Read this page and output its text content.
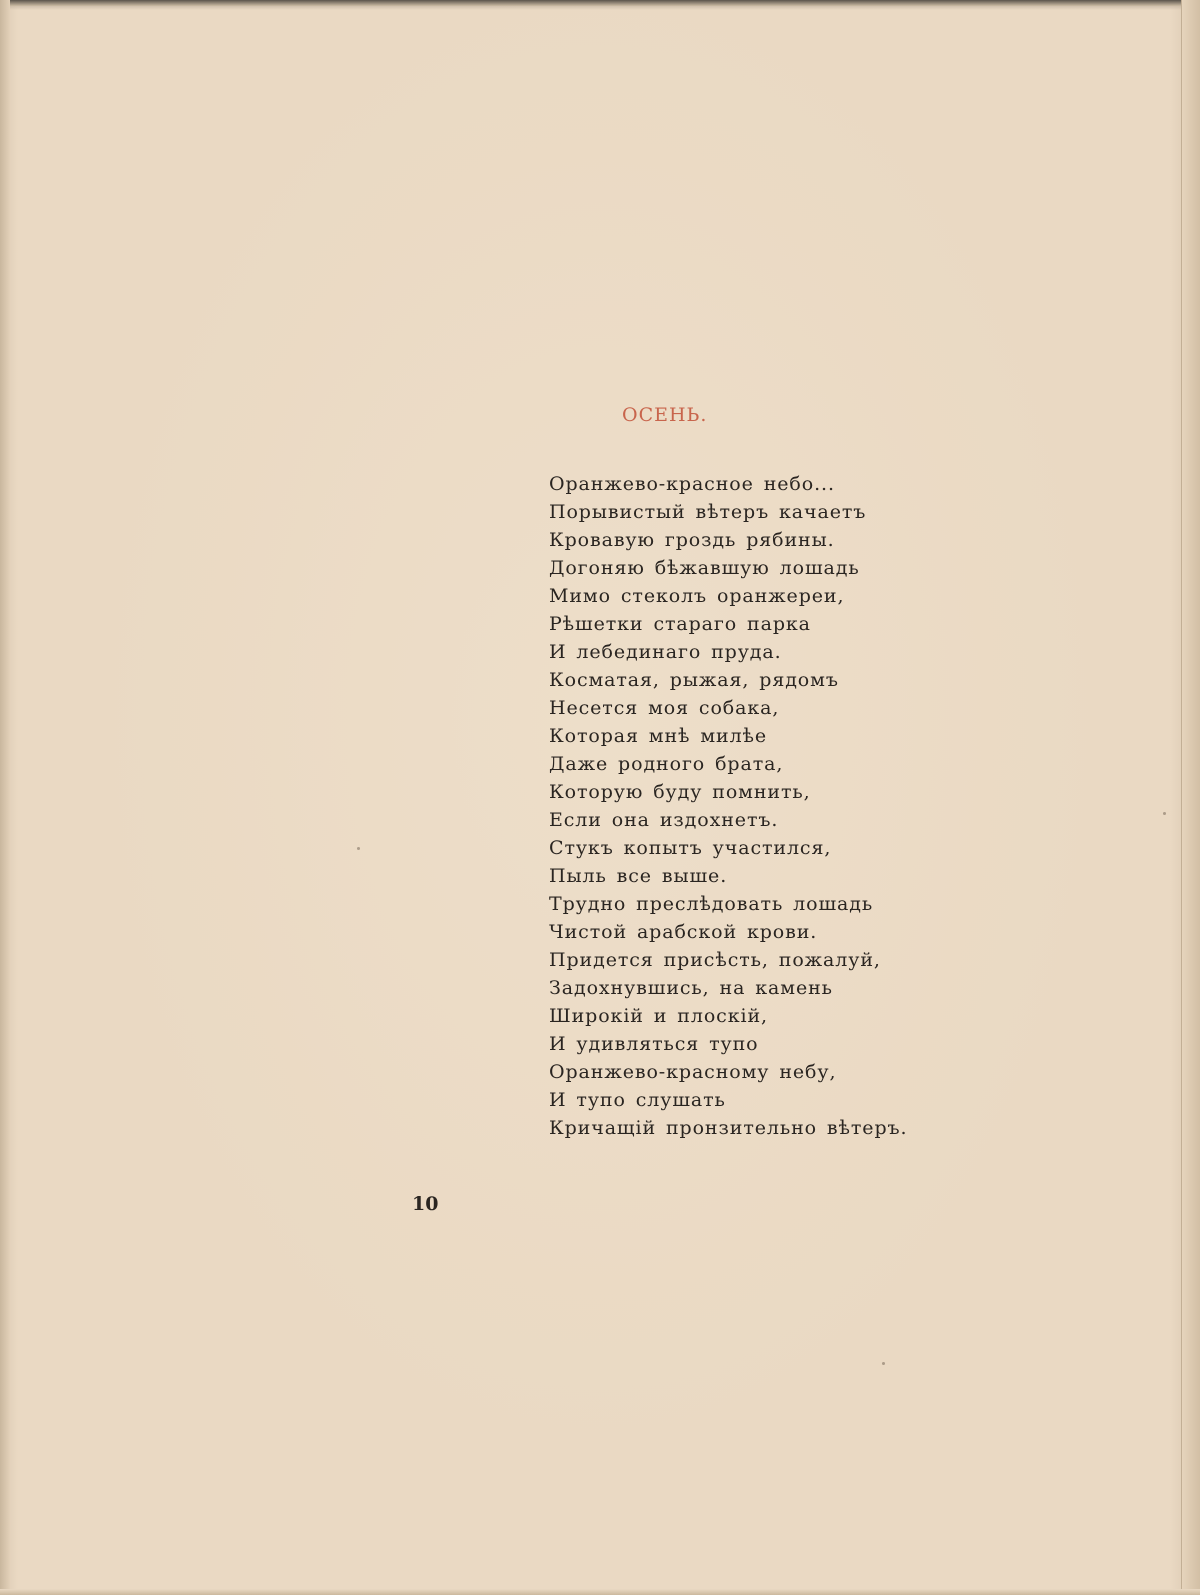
ОСЕНЬ.
Оранжево-красное небо...
Порывистый вѣтеръ качаетъ
Кровавую гроздь рябины.
Догоняю бѣжавшую лошадь
Мимо стеколъ оранжереи,
Рѣшетки стараго парка
И лебединаго пруда.
Косматая, рыжая, рядомъ
Несется моя собака,
Которая мнѣ милѣе
Даже родного брата,
Которую буду помнить,
Если она издохнетъ.
Стукъ копытъ участился,
Пыль все выше.
Трудно преслѣдовать лошадь
Чистой арабской крови.
Придется присѣсть, пожалуй,
Задохнувшись, на камень
Широкій и плоскій,
И удивляться тупо
Оранжево-красному небу,
И тупо слушать
Кричащій пронзительно вѣтеръ.
10
